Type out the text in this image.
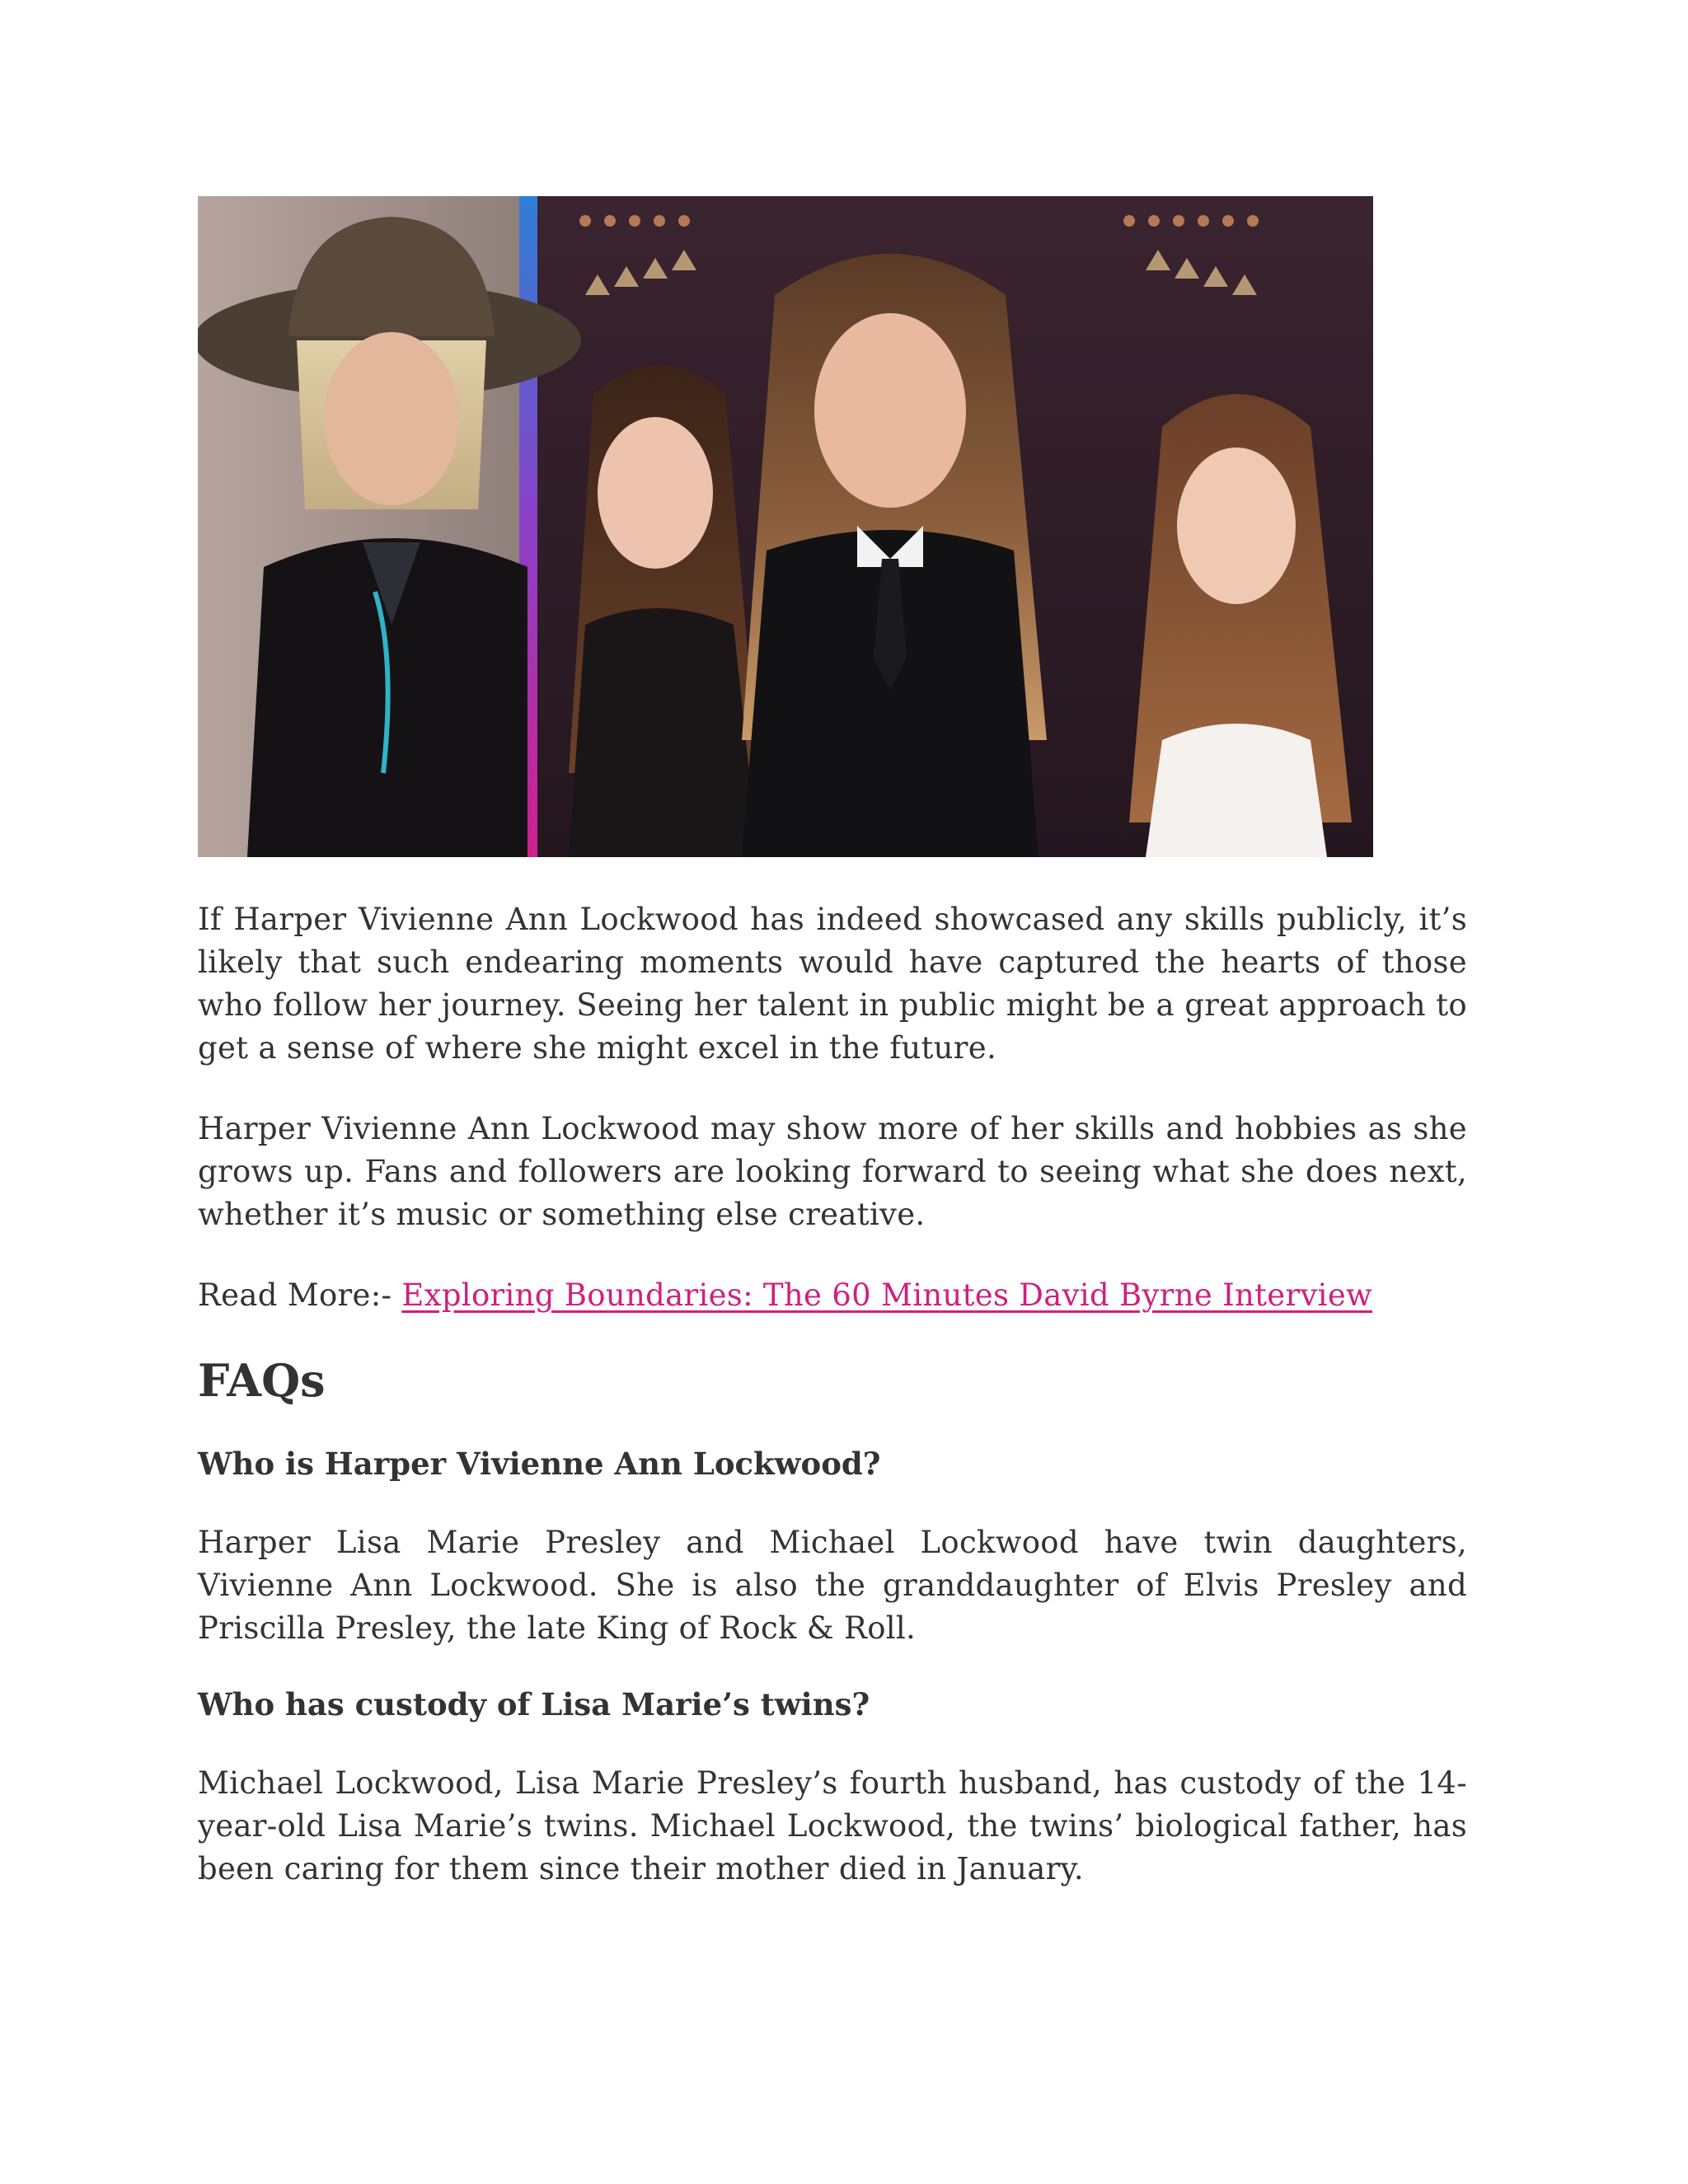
If Harper Vivienne Ann Lockwood has indeed showcased any skills publicly, it’s likely that such endearing moments would have captured the hearts of those who follow her journey. Seeing her talent in public might be a great approach to get a sense of where she might excel in the future.

Harper Vivienne Ann Lockwood may show more of her skills and hobbies as she grows up. Fans and followers are looking forward to seeing what she does next, whether it’s music or something else creative.

Read More:- Exploring Boundaries: The 60 Minutes David Byrne Interview

FAQs
Who is Harper Vivienne Ann Lockwood?

Harper Lisa Marie Presley and Michael Lockwood have twin daughters, Vivienne Ann Lockwood. She is also the granddaughter of Elvis Presley and Priscilla Presley, the late King of Rock & Roll.

Who has custody of Lisa Marie’s twins?

Michael Lockwood, Lisa Marie Presley’s fourth husband, has custody of the 14-year-old Lisa Marie’s twins. Michael Lockwood, the twins’ biological father, has been caring for them since their mother died in January.
